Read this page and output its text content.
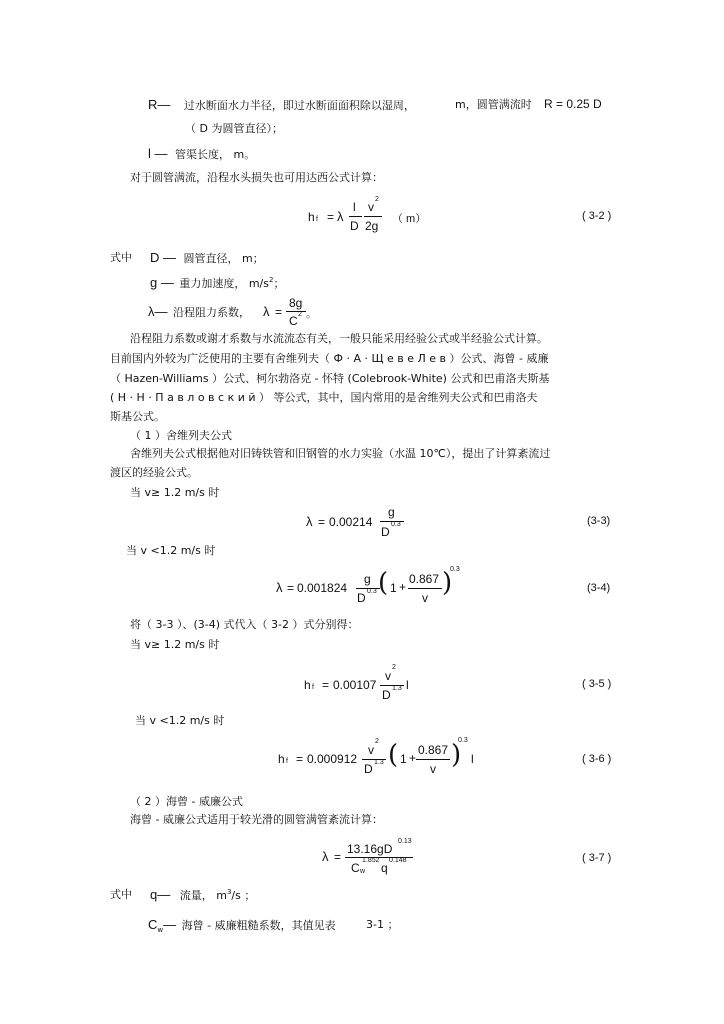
R— 过水断面水力半径，即过水断面面积除以湿周，	m，圆管满流时 R = 0.25 D
（ D 为圆管直径）；
l — 管渠长度， m。
对于圆管满流，沿程水头损失也可用达西公式计算：
h f = λ
l
D
v
2
2g （ m）	( 3-2 )
式中 D — 圆管直径， m；
g — 重力加速度， $m/s^2$；
λ— 沿程阻力系数， λ =
8g
C 2 。
沿程阻力系数或谢才系数与水流流态有关，一般只能采用经验公式或半经验公式计算。
目前国内外较为广泛使用的主要有舍维列夫（ Ф · А · Щ е в е Л е в ）公式、海曾 - 威廉
（ Hazen-Williams ）公式、柯尔勃洛克 - 怀特 (Colebrook-White) 公式和巴甫洛夫斯基
( Н · Н · П а в л о в с к и й ） 等公式，其中，国内常用的是舍维列夫公式和巴甫洛夫
斯基公式。
（ 1 ）舍维列夫公式
舍维列夫公式根据他对旧铸铁管和旧钢管的水力实验（水温 10℃），提出了计算紊流过
渡区的经验公式。
当 v≥ 1.2 m/s 时
λ = 0.00214
g
D
0.3	(3-3)
当 v <1.2 m/s 时
λ = 0.001824
g
D 0.3 ( 1 +
0.867
v )
0.3
(3-4)
将（ 3-3 ）、(3-4) 式代入（ 3-2 ）式分别得：
当 v≥ 1.2 m/s 时
h f = 0.00107
v
2
D 1.3 l	( 3-5 )
当 v <1.2 m/s 时
h f = 0.000912
v
2
D 1.3 ( 1 +
0.867
v )
0.3
l	( 3-6 )
（ 2 ）海曾 - 威廉公式
海曾 - 威廉公式适用于较光滑的圆管满管紊流计算：
λ =
13.16gD
0.13
C w
1.852
q
0.148	( 3-7 )
式中 q— 流量， $m^3/s$ ；
$C_w—$ 海曾 - 威廉粗糙系数，其值见表	3-1 ；
